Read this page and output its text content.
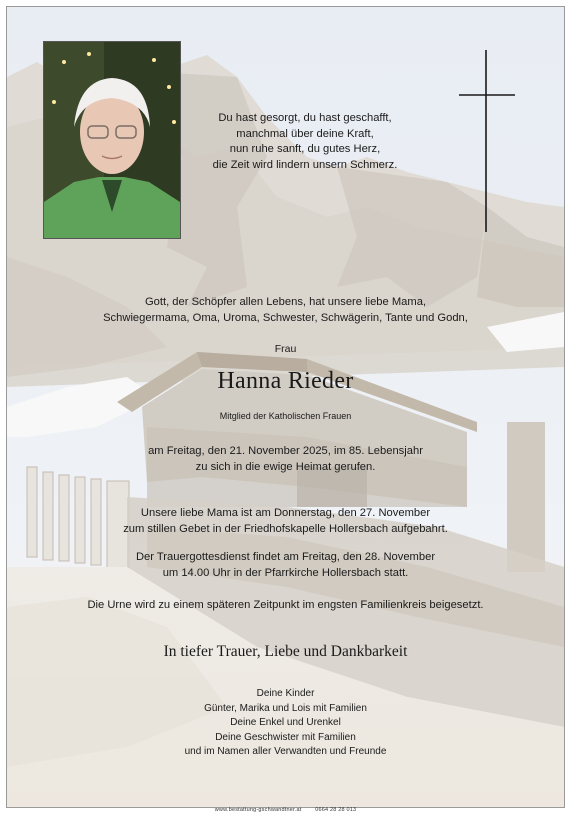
Du hast gesorgt, du hast geschafft,
manchmal über deine Kraft,
nun ruhe sanft, du gutes Herz,
die Zeit wird lindern unsern Schmerz.
Gott, der Schöpfer allen Lebens, hat unsere liebe Mama,
Schwiegermama, Oma, Uroma, Schwester, Schwägerin, Tante und Godn,
Frau
Hanna Rieder
Mitglied der Katholischen Frauen
am Freitag, den 21. November 2025, im 85. Lebensjahr
zu sich in die ewige Heimat gerufen.
Unsere liebe Mama ist am Donnerstag, den 27. November
zum stillen Gebet in der Friedhofskapelle Hollersbach aufgebahrt.
Der Trauergottesdienst findet am Freitag, den 28. November
um 14.00 Uhr in der Pfarrkirche Hollersbach statt.
Die Urne wird zu einem späteren Zeitpunkt im engsten Familienkreis beigesetzt.
In tiefer Trauer, Liebe und Dankbarkeit
Deine Kinder
Günter, Marika und Lois mit Familien
Deine Enkel und Urenkel
Deine Geschwister mit Familien
und im Namen aller Verwandten und Freunde
www.bestattung-gschwandtner.at 0664 28 28 013
